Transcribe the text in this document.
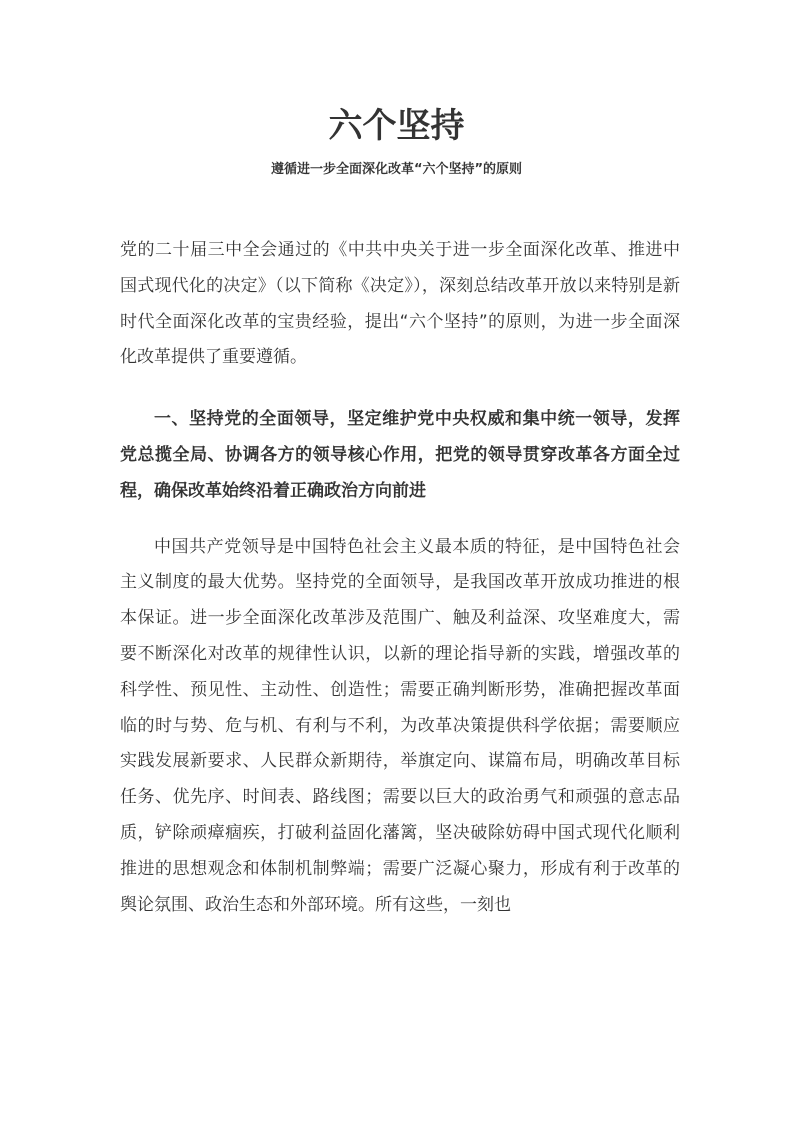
六个坚持

遵循进一步全面深化改革“六个坚持”的原则

党的二十届三中全会通过的《中共中央关于进一步全面深化改革、推进中国式现代化的决定》（以下简称《决定》），深刻总结改革开放以来特别是新时代全面深化改革的宝贵经验，提出“六个坚持”的原则，为进一步全面深化改革提供了重要遵循。

一、坚持党的全面领导，坚定维护党中央权威和集中统一领导，发挥党总揽全局、协调各方的领导核心作用，把党的领导贯穿改革各方面全过程，确保改革始终沿着正确政治方向前进

中国共产党领导是中国特色社会主义最本质的特征，是中国特色社会主义制度的最大优势。坚持党的全面领导，是我国改革开放成功推进的根本保证。进一步全面深化改革涉及范围广、触及利益深、攻坚难度大，需要不断深化对改革的规律性认识，以新的理论指导新的实践，增强改革的科学性、预见性、主动性、创造性；需要正确判断形势，准确把握改革面临的时与势、危与机、有利与不利，为改革决策提供科学依据；需要顺应实践发展新要求、人民群众新期待，举旗定向、谋篇布局，明确改革目标任务、优先序、时间表、路线图；需要以巨大的政治勇气和顽强的意志品质，铲除顽瘴痼疾，打破利益固化藩篱，坚决破除妨碍中国式现代化顺利推进的思想观念和体制机制弊端；需要广泛凝心聚力，形成有利于改革的舆论氛围、政治生态和外部环境。所有这些，一刻也
